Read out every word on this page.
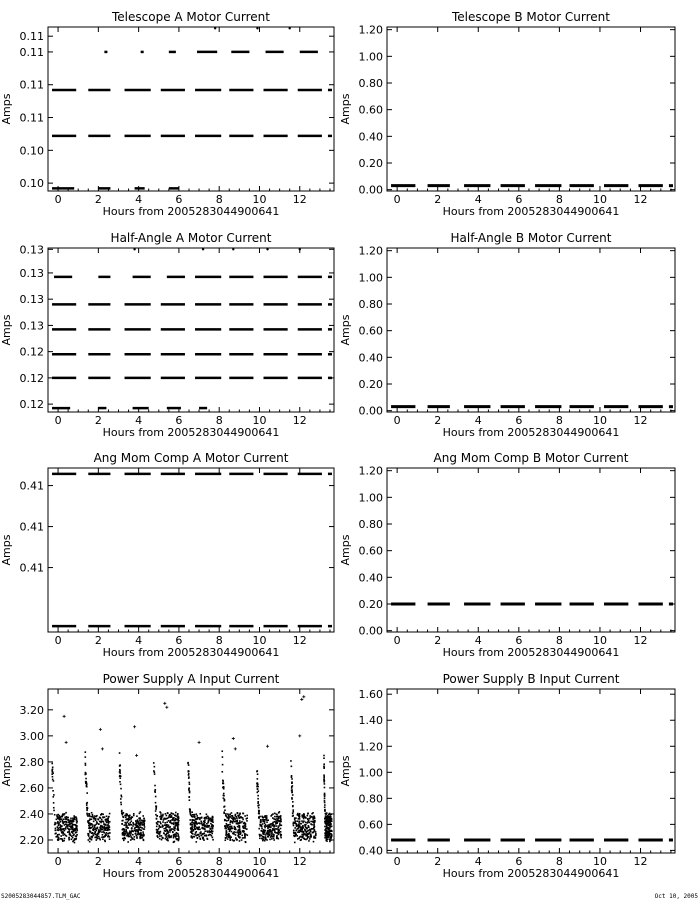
Telescope A Motor Current
0	2	4	6	8	10 12
0.10
0.10
0.11
0.11
0.11
0.11
Hours from 2005283044900641
Amps
Telescope B Motor Current
0	2	4	6	8	10 12
0.00
0.20
0.40
0.60
0.80
1.00
1.20
Hours from 2005283044900641
Amps
Half-Angle A Motor Current
0	2	4	6	8	10 12
0.12
0.12
0.12
0.13
0.13
0.13
0.13
Hours from 2005283044900641
Amps
Half-Angle B Motor Current
0	2	4	6	8	10 12
0.00
0.20
0.40
0.60
0.80
1.00
1.20
Hours from 2005283044900641
Amps
Ang Mom Comp A Motor Current
0	2	4	6	8	10 12
0.41
0.41
0.41
Hours from 2005283044900641
Amps
Ang Mom Comp B Motor Current
0	2	4	6	8	10 12
0.00
0.20
0.40
0.60
0.80
1.00
1.20
Hours from 2005283044900641
Amps
Power Supply A Input Current
0	2	4	6	8	10 12
2.20
2.40
2.60
2.80
3.00
3.20
Hours from 2005283044900641
Amps
Power Supply B Input Current
0	2	4	6	8	10 12
0.40
0.60
0.80
1.00
1.20
1.40
1.60
Hours from 2005283044900641
Amps
S2005283044857.TLM_GAC	Oct 10, 2005
